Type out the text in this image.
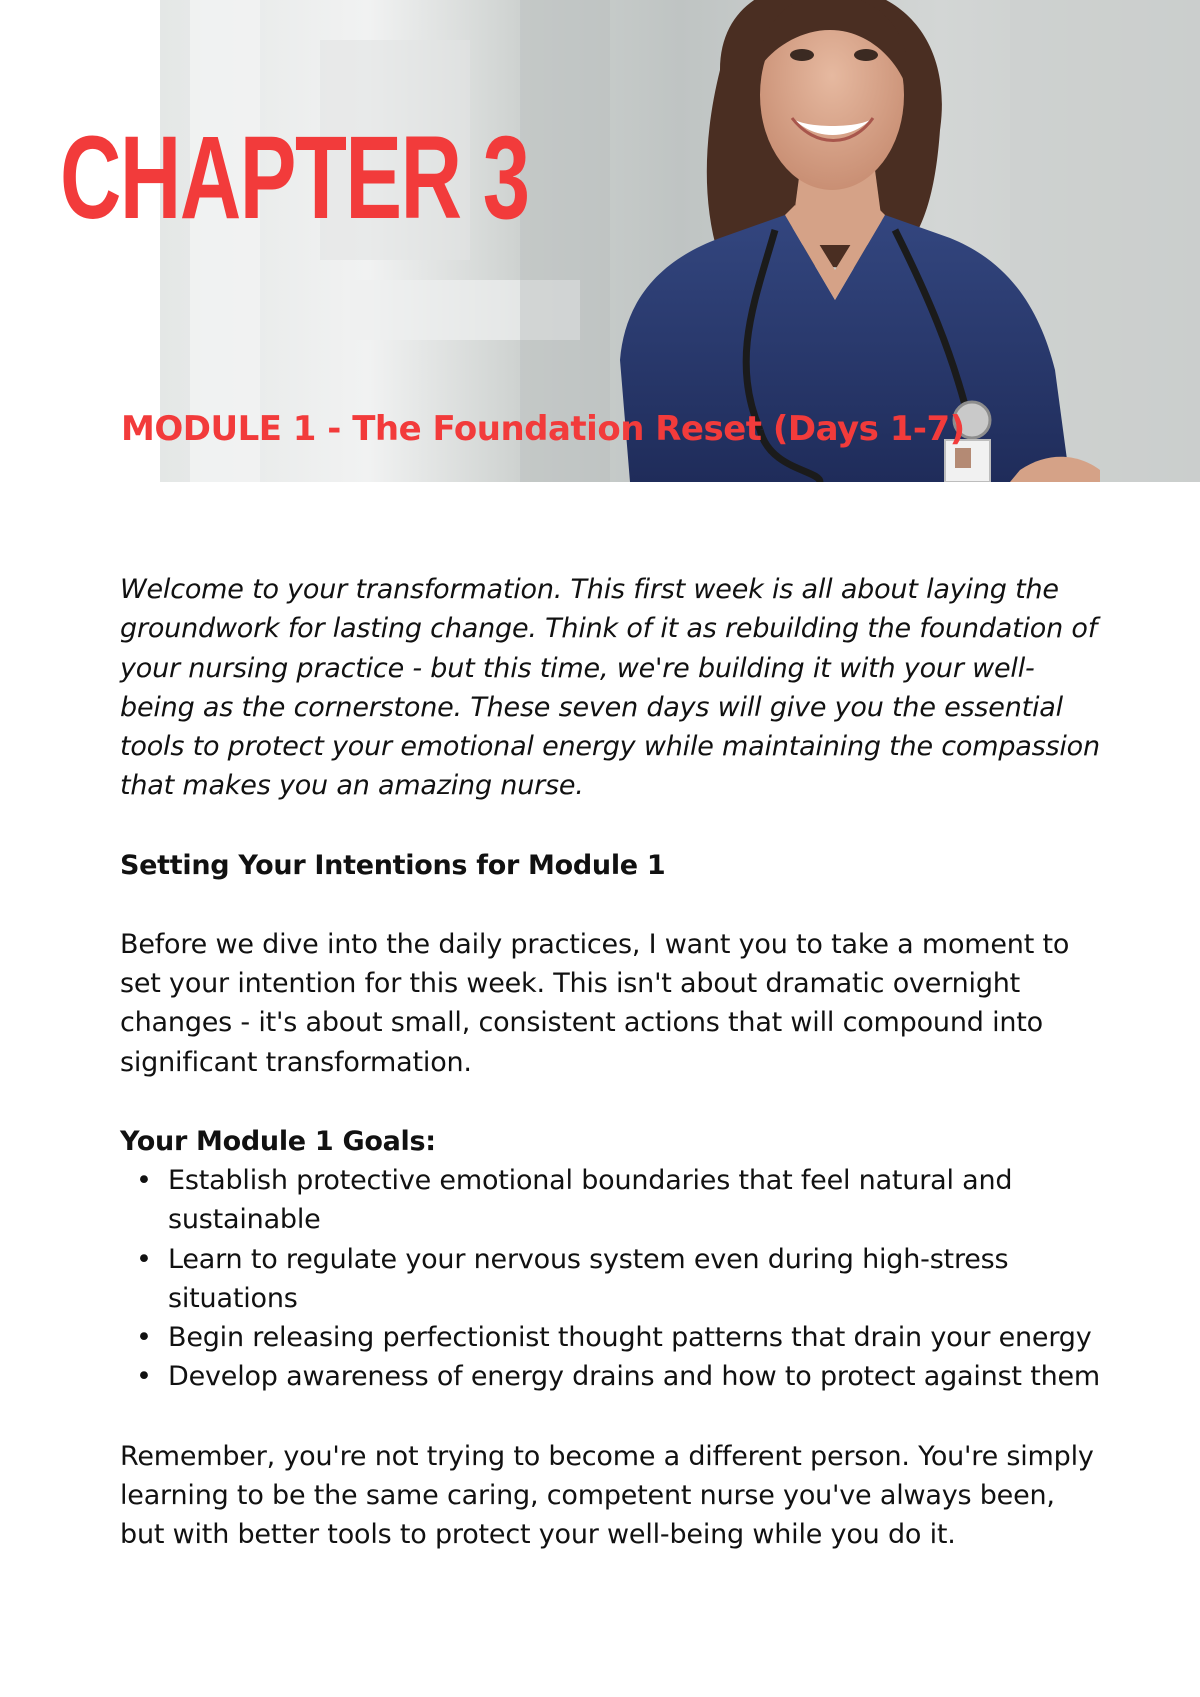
CHAPTER 3
MODULE 1 - The Foundation Reset (Days 1-7)

Welcome to your transformation. This first week is all about laying the groundwork for lasting change. Think of it as rebuilding the foundation of your nursing practice - but this time, we're building it with your well-being as the cornerstone. These seven days will give you the essential tools to protect your emotional energy while maintaining the compassion that makes you an amazing nurse.

Setting Your Intentions for Module 1

Before we dive into the daily practices, I want you to take a moment to set your intention for this week. This isn't about dramatic overnight changes - it's about small, consistent actions that will compound into significant transformation.

Your Module 1 Goals:
• Establish protective emotional boundaries that feel natural and sustainable
• Learn to regulate your nervous system even during high-stress situations
• Begin releasing perfectionist thought patterns that drain your energy
• Develop awareness of energy drains and how to protect against them

Remember, you're not trying to become a different person. You're simply learning to be the same caring, competent nurse you've always been, but with better tools to protect your well-being while you do it.
